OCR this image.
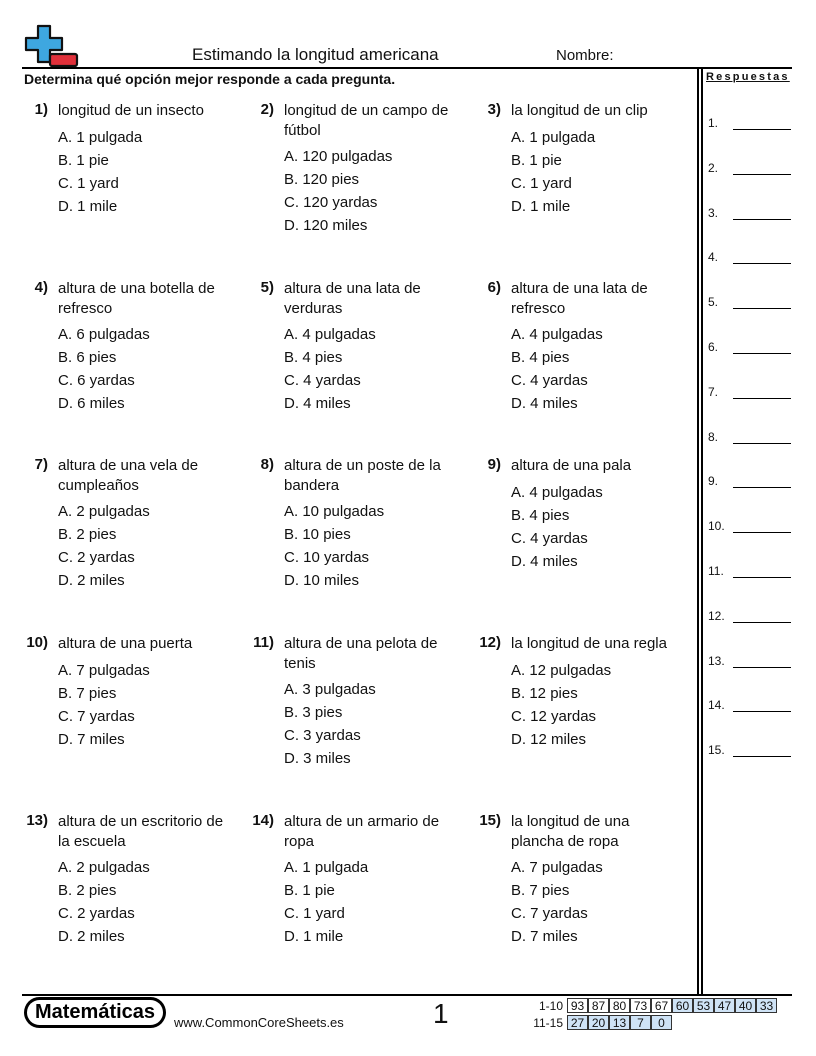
Estimando la longitud americana	Nombre:
Determina qué opción mejor responde a cada pregunta.	Respuestas
1.
2.
3.
4.
5.
6.
7.
8.
9.
10.
11.
12.
13.
14.
15.
1) longitud de un insecto
A. 1 pulgada
B. 1 pie
C. 1 yard
D. 1 mile
2) longitud de un campo de fútbol
A. 120 pulgadas
B. 120 pies
C. 120 yardas
D. 120 miles
3) la longitud de un clip
A. 1 pulgada
B. 1 pie
C. 1 yard
D. 1 mile
4) altura de una botella de refresco
A. 6 pulgadas
B. 6 pies
C. 6 yardas
D. 6 miles
5) altura de una lata de verduras
A. 4 pulgadas
B. 4 pies
C. 4 yardas
D. 4 miles
6) altura de una lata de refresco
A. 4 pulgadas
B. 4 pies
C. 4 yardas
D. 4 miles
7) altura de una vela de cumpleaños
A. 2 pulgadas
B. 2 pies
C. 2 yardas
D. 2 miles
8) altura de un poste de la bandera
A. 10 pulgadas
B. 10 pies
C. 10 yardas
D. 10 miles
9) altura de una pala
A. 4 pulgadas
B. 4 pies
C. 4 yardas
D. 4 miles
10) altura de una puerta
A. 7 pulgadas
B. 7 pies
C. 7 yardas
D. 7 miles
11) altura de una pelota de tenis
A. 3 pulgadas
B. 3 pies
C. 3 yardas
D. 3 miles
12) la longitud de una regla
A. 12 pulgadas
B. 12 pies
C. 12 yardas
D. 12 miles
13) altura de un escritorio de la escuela
A. 2 pulgadas
B. 2 pies
C. 2 yardas
D. 2 miles
14) altura de un armario de ropa
A. 1 pulgada
B. 1 pie
C. 1 yard
D. 1 mile
15) la longitud de una plancha de ropa
A. 7 pulgadas
B. 7 pies
C. 7 yardas
D. 7 miles
Matemáticas	www.CommonCoreSheets.es	1	1-10 93 87 80 73 67 60 53 47 40 33
11-15 27 20 13 7	0
